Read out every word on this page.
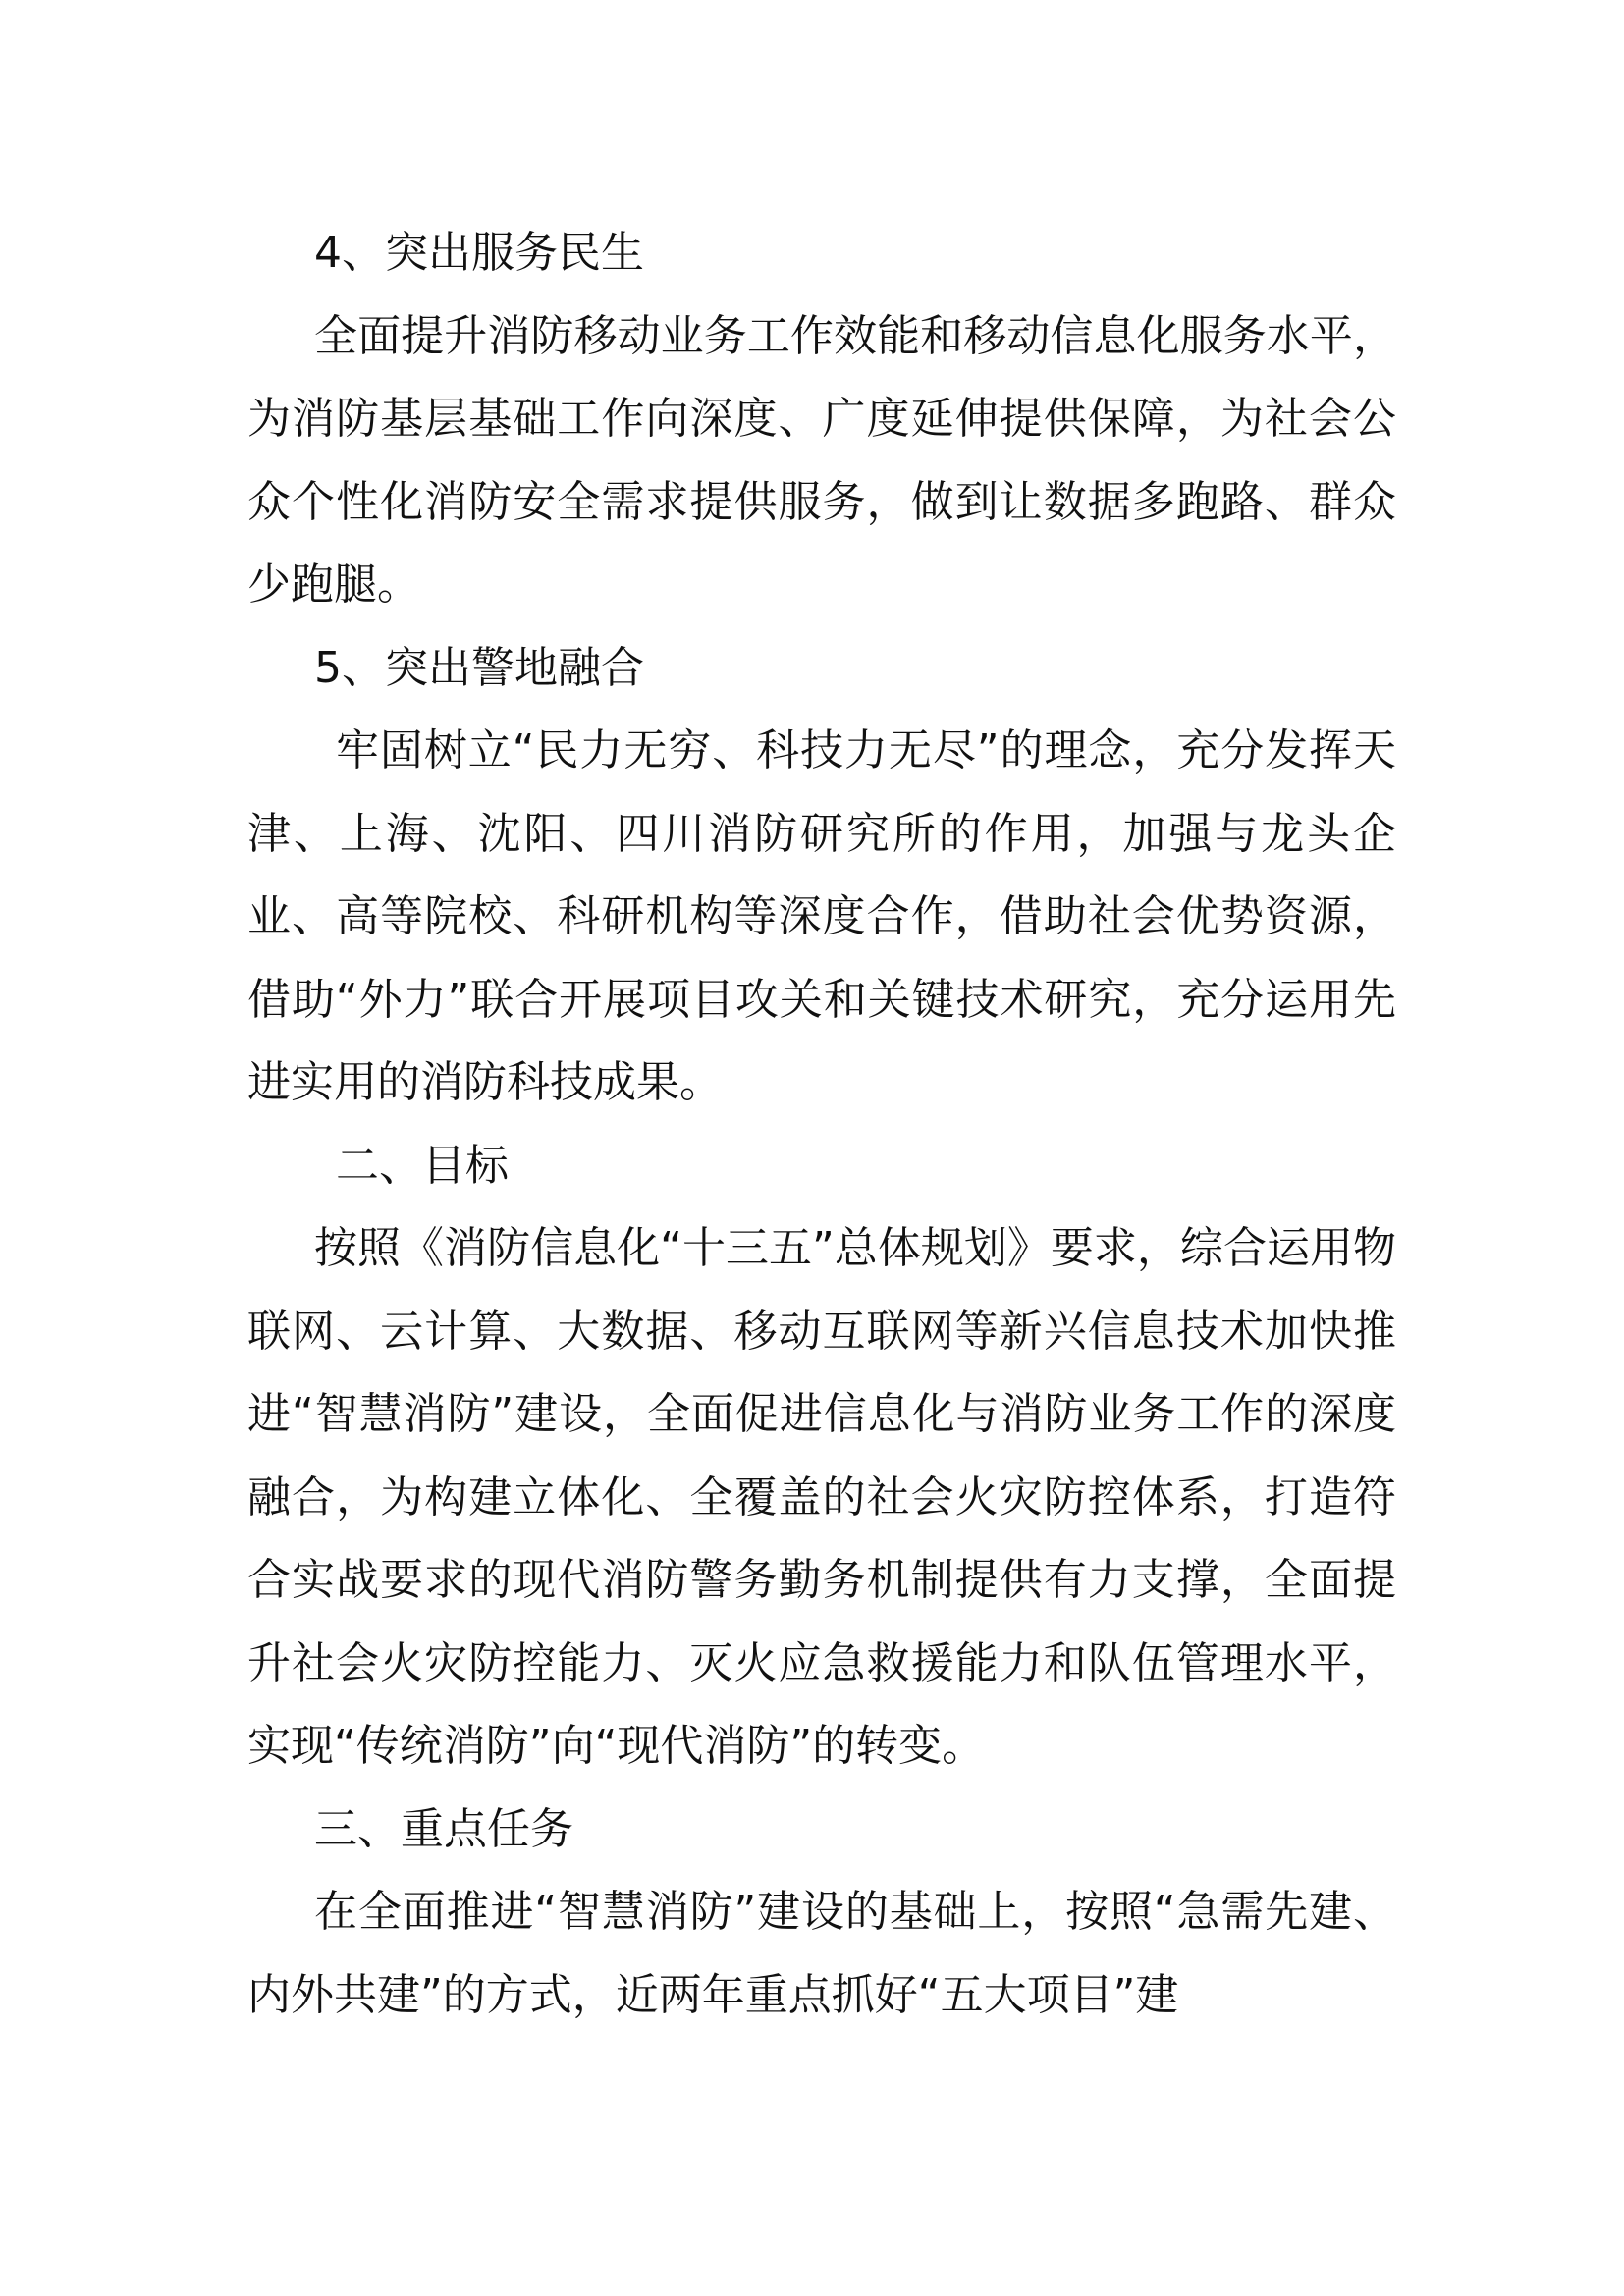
4、突出服务民生

全面提升消防移动业务工作效能和移动信息化服务水平，为消防基层基础工作向深度、广度延伸提供保障，为社会公众个性化消防安全需求提供服务，做到让数据多跑路、群众少跑腿。

5、突出警地融合

牢固树立“民力无穷、科技力无尽”的理念，充分发挥天津、上海、沈阳、四川消防研究所的作用，加强与龙头企业、高等院校、科研机构等深度合作，借助社会优势资源，借助“外力”联合开展项目攻关和关键技术研究，充分运用先进实用的消防科技成果。

二、目标

按照《消防信息化“十三五”总体规划》要求，综合运用物联网、云计算、大数据、移动互联网等新兴信息技术加快推进“智慧消防”建设，全面促进信息化与消防业务工作的深度融合，为构建立体化、全覆盖的社会火灾防控体系，打造符合实战要求的现代消防警务勤务机制提供有力支撑，全面提升社会火灾防控能力、灭火应急救援能力和队伍管理水平，实现“传统消防”向“现代消防”的转变。

三、重点任务

在全面推进“智慧消防”建设的基础上，按照“急需先建、内外共建”的方式，近两年重点抓好“五大项目”建
